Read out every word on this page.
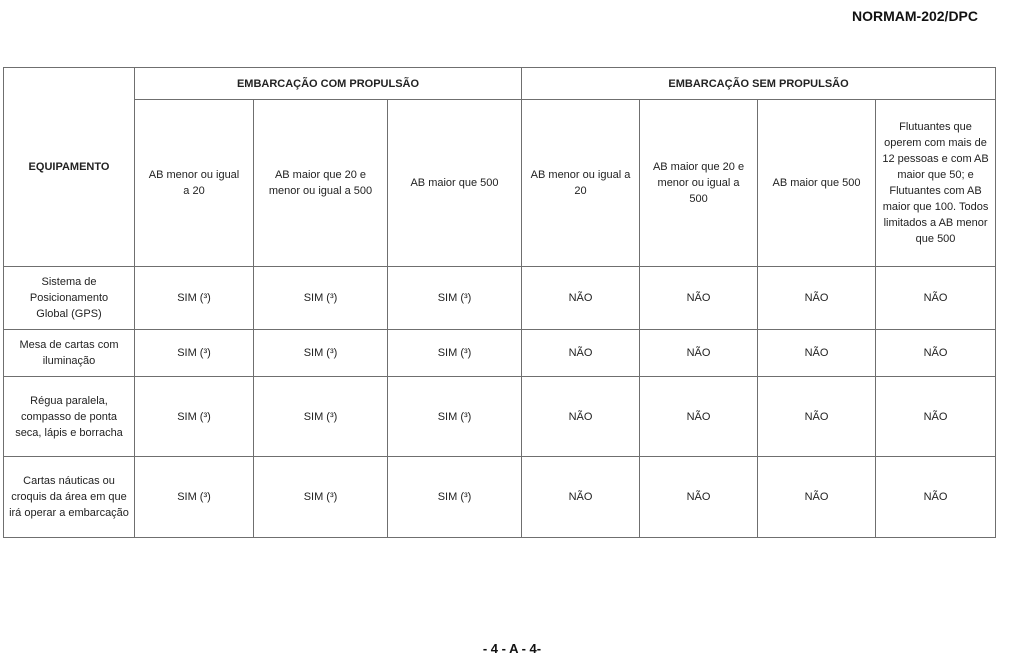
NORMAM-202/DPC
EQUIPAMENTO	EMBARCAÇÃO COM PROPULSÃO			EMBARCAÇÃO SEM PROPULSÃO			
	AB menor ou igual a 20	AB maior que 20 e menor ou igual a 500	AB maior que 500	AB menor ou igual a 20	AB maior que 20 e menor ou igual a 500	AB maior que 500	Flutuantes que operem com mais de 12 pessoas e com AB maior que 50; e Flutuantes com AB maior que 100. Todos limitados a AB menor que 500
Sistema de Posicionamento Global (GPS)	SIM (³)	SIM (³)	SIM (³)	NÃO	NÃO	NÃO	NÃO
Mesa de cartas com iluminação	SIM (³)	SIM (³)	SIM (³)	NÃO	NÃO	NÃO	NÃO
Régua paralela, compasso de ponta seca, lápis e borracha	SIM (³)	SIM (³)	SIM (³)	NÃO	NÃO	NÃO	NÃO
Cartas náuticas ou croquis da área em que irá operar a embarcação	SIM (³)	SIM (³)	SIM (³)	NÃO	NÃO	NÃO	NÃO
- 4 - A - 4-
